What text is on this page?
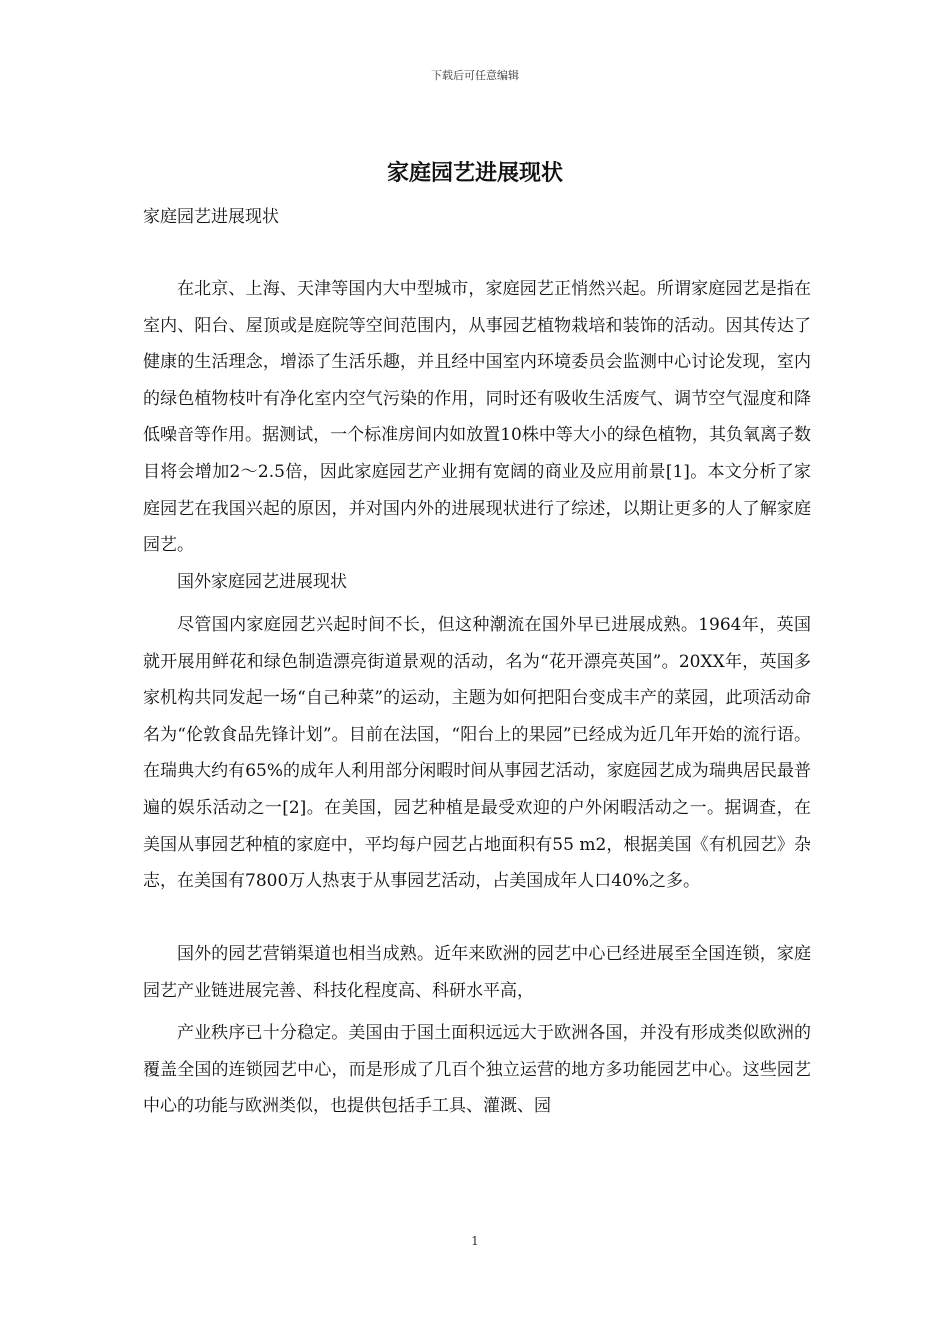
下载后可任意编辑
家庭园艺进展现状
家庭园艺进展现状

在北京、上海、天津等国内大中型城市，家庭园艺正悄然兴起。所谓家庭园艺是指在室内、阳台、屋顶或是庭院等空间范围内，从事园艺植物栽培和装饰的活动。因其传达了健康的生活理念，增添了生活乐趣，并且经中国室内环境委员会监测中心讨论发现，室内的绿色植物枝叶有净化室内空气污染的作用，同时还有吸收生活废气、调节空气湿度和降低噪音等作用。据测试，一个标准房间内如放置10株中等大小的绿色植物，其负氧离子数目将会增加2～2.5倍，因此家庭园艺产业拥有宽阔的商业及应用前景[1]。本文分析了家庭园艺在我国兴起的原因，并对国内外的进展现状进行了综述，以期让更多的人了解家庭园艺。

国外家庭园艺进展现状

尽管国内家庭园艺兴起时间不长，但这种潮流在国外早已进展成熟。1964年，英国就开展用鲜花和绿色制造漂亮街道景观的活动，名为“花开漂亮英国”。20XX年，英国多家机构共同发起一场“自己种菜”的运动，主题为如何把阳台变成丰产的菜园，此项活动命名为“伦敦食品先锋计划”。目前在法国，“阳台上的果园”已经成为近几年开始的流行语。在瑞典大约有65%的成年人利用部分闲暇时间从事园艺活动，家庭园艺成为瑞典居民最普遍的娱乐活动之一[2]。在美国，园艺种植是最受欢迎的户外闲暇活动之一。据调查，在美国从事园艺种植的家庭中，平均每户园艺占地面积有55 m2，根据美国《有机园艺》杂志，在美国有7800万人热衷于从事园艺活动，占美国成年人口40%之多。

国外的园艺营销渠道也相当成熟。近年来欧洲的园艺中心已经进展至全国连锁，家庭园艺产业链进展完善、科技化程度高、科研水平高，

产业秩序已十分稳定。美国由于国土面积远远大于欧洲各国，并没有形成类似欧洲的覆盖全国的连锁园艺中心，而是形成了几百个独立运营的地方多功能园艺中心。这些园艺中心的功能与欧洲类似，也提供包括手工具、灌溉、园

1
